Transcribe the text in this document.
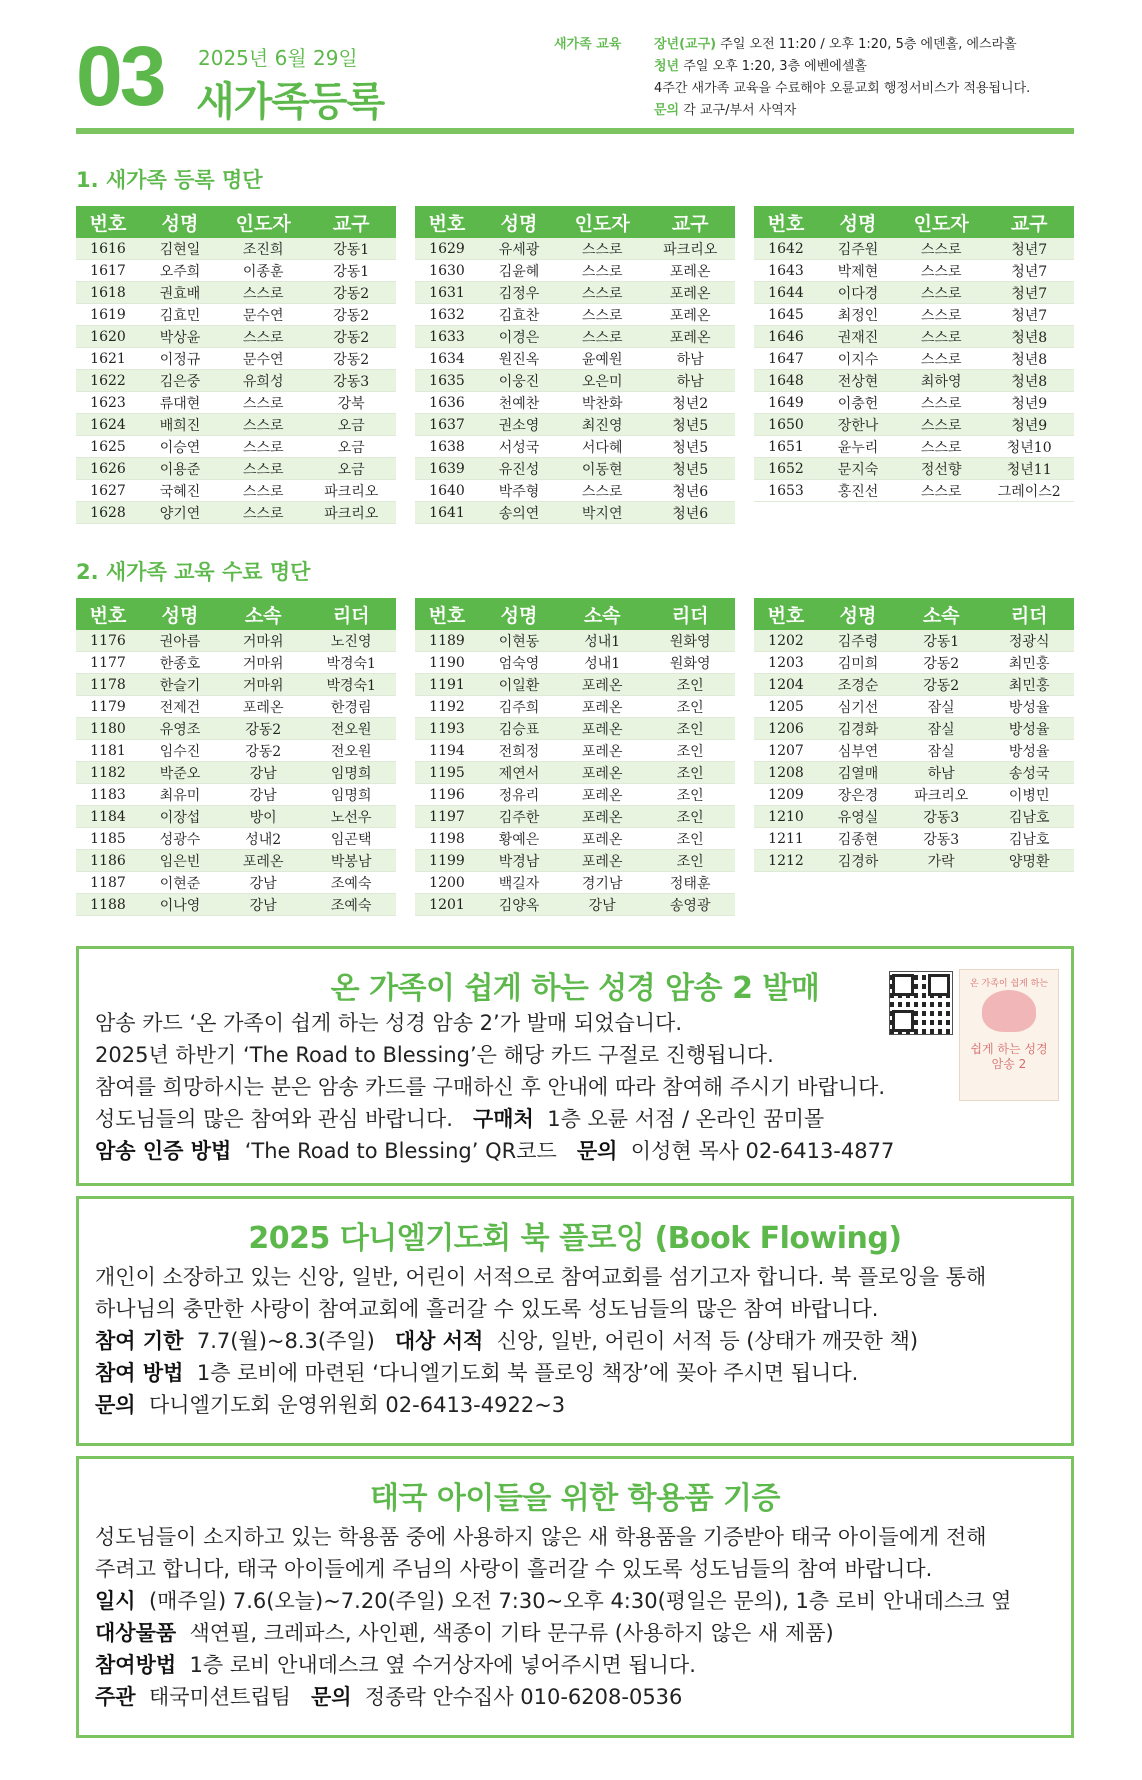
03 2025년 6월 29일
새가족등록
새가족 교육	장년(교구) 주일 오전 11:20 / 오후 1:20, 5층 에덴홀, 에스라홀
청년 주일 오후 1:20, 3층 에벤에셀홀
4주간 새가족 교육을 수료해야 오륜교회 행정서비스가 적용됩니다.
문의 각 교구/부서 사역자
1. 새가족 등록 명단
번호	성명	인도자	교구
1616	김현일	조진희	강동1
1617	오주희	이종훈	강동1
1618	권효배	스스로	강동2
1619	김효민	문수연	강동2
1620	박상윤	스스로	강동2
1621	이정규	문수연	강동2
1622	김은중	유희성	강동3
1623	류대현	스스로	강북
1624	배희진	스스로	오금
1625	이승연	스스로	오금
1626	이용준	스스로	오금
1627	국혜진	스스로	파크리오
1628	양기연	스스로	파크리오
번호	성명	인도자	교구
1629	유세광	스스로	파크리오
1630	김윤혜	스스로	포레온
1631	김정우	스스로	포레온
1632	김효찬	스스로	포레온
1633	이경은	스스로	포레온
1634	원진옥	윤예원	하남
1635	이웅진	오은미	하남
1636	천예찬	박찬화	청년2
1637	권소영	최진영	청년5
1638	서성국	서다혜	청년5
1639	유진성	이동현	청년5
1640	박주형	스스로	청년6
1641	송의연	박지연	청년6
번호	성명	인도자	교구
1642	김주원	스스로	청년7
1643	박제현	스스로	청년7
1644	이다경	스스로	청년7
1645	최정인	스스로	청년7
1646	권재진	스스로	청년8
1647	이지수	스스로	청년8
1648	전상현	최하영	청년8
1649	이충헌	스스로	청년9
1650	장한나	스스로	청년9
1651	윤누리	스스로	청년10
1652	문지숙	정선향	청년11
1653	홍진선	스스로	그레이스2
2. 새가족 교육 수료 명단
번호	성명	소속	리더
1176	권아름	거마위	노진영
1177	한종호	거마위	박경숙1
1178	한슬기	거마위	박경숙1
1179	전제건	포레온	한경림
1180	유영조	강동2	전오원
1181	임수진	강동2	전오원
1182	박준오	강남	임명희
1183	최유미	강남	임명희
1184	이장섭	방이	노선우
1185	성광수	성내2	임곤택
1186	임은빈	포레온	박봉남
1187	이현준	강남	조예숙
1188	이나영	강남	조예숙
번호	성명	소속	리더
1189	이현동	성내1	원화영
1190	엄숙영	성내1	원화영
1191	이일환	포레온	조인
1192	김주희	포레온	조인
1193	김승표	포레온	조인
1194	전희정	포레온	조인
1195	제연서	포레온	조인
1196	정유리	포레온	조인
1197	김주한	포레온	조인
1198	황예은	포레온	조인
1199	박경남	포레온	조인
1200	백길자	경기남	정태훈
1201	김양옥	강남	송영광
번호	성명	소속	리더
1202	김주령	강동1	정광식
1203	김미희	강동2	최민홍
1204	조경순	강동2	최민홍
1205	심기선	잠실	방성율
1206	김경화	잠실	방성율
1207	심부연	잠실	방성율
1208	김열매	하남	송성국
1209	장은경	파크리오	이병민
1210	유영실	강동3	김남호
1211	김종현	강동3	김남호
1212	김경하	가락	양명환
온 가족이 쉽게 하는 성경 암송 2 발매
암송 카드 ‘온 가족이 쉽게 하는 성경 암송 2’가 발매 되었습니다.
2025년 하반기 ‘The Road to Blessing’은 해당 카드 구절로 진행됩니다.
참여를 희망하시는 분은 암송 카드를 구매하신 후 안내에 따라 참여해 주시기 바랍니다.
성도님들의 많은 참여와 관심 바랍니다. 구매처 1층 오륜 서점 / 온라인 꿈미몰
암송 인증 방법 ‘The Road to Blessing’ QR코드 문의 이성현 목사 02-6413-4877
온 가족이 쉽게 하는
쉽게 하는 성경 암송 2
2025 다니엘기도회 북 플로잉 (Book Flowing)
개인이 소장하고 있는 신앙, 일반, 어린이 서적으로 참여교회를 섬기고자 합니다. 북 플로잉을 통해
하나님의 충만한 사랑이 참여교회에 흘러갈 수 있도록 성도님들의 많은 참여 바랍니다.
참여 기한 7.7(월)~8.3(주일) 대상 서적 신앙, 일반, 어린이 서적 등 (상태가 깨끗한 책)
참여 방법 1층 로비에 마련된 ‘다니엘기도회 북 플로잉 책장’에 꽂아 주시면 됩니다.
문의 다니엘기도회 운영위원회 02-6413-4922~3
태국 아이들을 위한 학용품 기증
성도님들이 소지하고 있는 학용품 중에 사용하지 않은 새 학용품을 기증받아 태국 아이들에게 전해
주려고 합니다, 태국 아이들에게 주님의 사랑이 흘러갈 수 있도록 성도님들의 참여 바랍니다.
일시 (매주일) 7.6(오늘)~7.20(주일) 오전 7:30~오후 4:30(평일은 문의), 1층 로비 안내데스크 옆
대상물품 색연필, 크레파스, 사인펜, 색종이 기타 문구류 (사용하지 않은 새 제품)
참여방법 1층 로비 안내데스크 옆 수거상자에 넣어주시면 됩니다.
주관 태국미션트립팀 문의 정종락 안수집사 010-6208-0536
